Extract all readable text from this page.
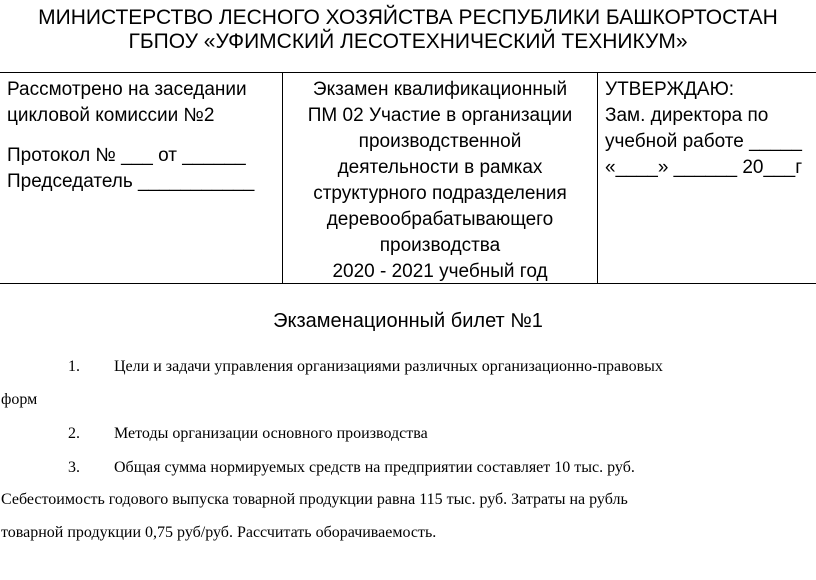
МИНИСТЕРСТВО ЛЕСНОГО ХОЗЯЙСТВА РЕСПУБЛИКИ БАШКОРТОСТАН
ГБПОУ «УФИМСКИЙ ЛЕСОТЕХНИЧЕСКИЙ ТЕХНИКУМ»
Рассмотрено на заседании
цикловой комиссии №2
Протокол № ___ от ______
Председатель ___________
Экзамен квалификационный
ПМ 02 Участие в организации
производственной
деятельности в рамках
структурного подразделения
деревообрабатывающего
производства
2020 - 2021 учебный год
УТВЕРЖДАЮ:
Зам. директора по
учебной работе _____
«____» ______ 20___г
Экзаменационный билет №1
1. Цели и задачи управления организациями различных организационно-правовых
форм
2. Методы организации основного производства
3. Общая сумма нормируемых средств на предприятии составляет 10 тыс. руб.
Себестоимость годового выпуска товарной продукции равна 115 тыс. руб. Затраты на рубль
товарной продукции 0,75 руб/руб. Рассчитать оборачиваемость.
